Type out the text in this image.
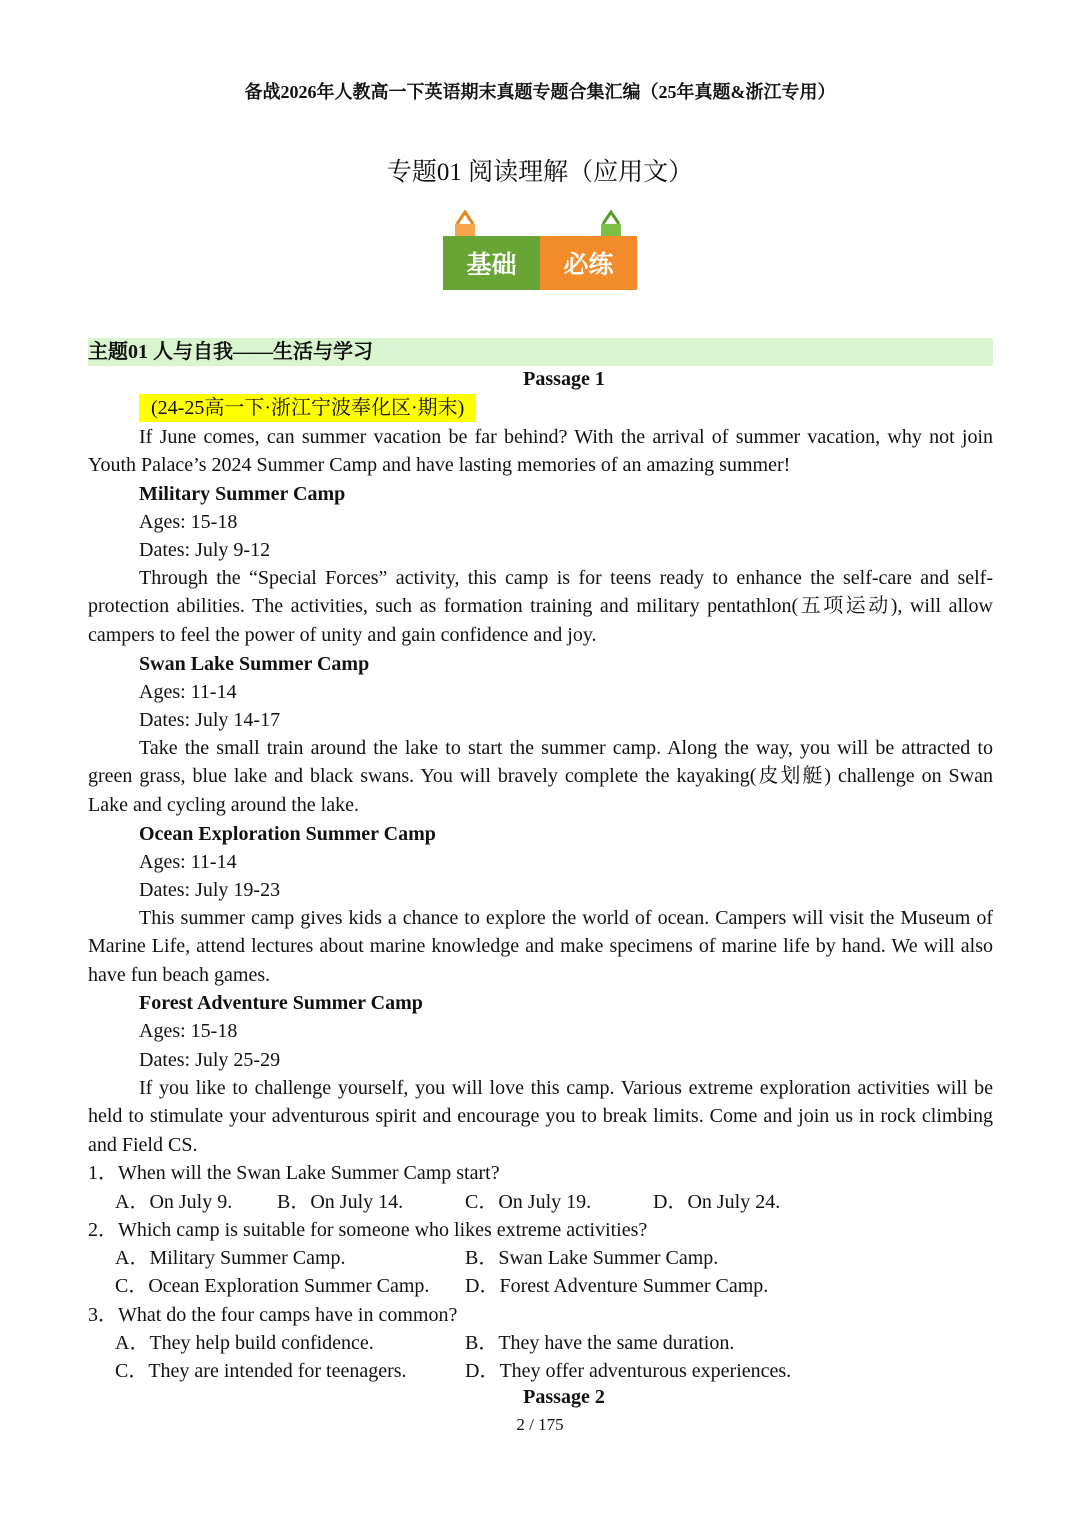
备战2026年人教高一下英语期末真题专题合集汇编（25年真题&浙江专用）
专题01 阅读理解（应用文）
基础	必练
主题01 人与自我——生活与学习
Passage 1
(24-25高一下·浙江宁波奉化区·期末)

If June comes, can summer vacation be far behind? With the arrival of summer vacation, why not join Youth Palace’s 2024 Summer Camp and have lasting memories of an amazing summer!

Military Summer Camp
Ages: 15-18
Dates: July 9-12

Through the “Special Forces” activity, this camp is for teens ready to enhance the self-care and self-protection abilities. The activities, such as formation training and military pentathlon(五项运动), will allow campers to feel the power of unity and gain confidence and joy.

Swan Lake Summer Camp
Ages: 11-14
Dates: July 14-17

Take the small train around the lake to start the summer camp. Along the way, you will be attracted to green grass, blue lake and black swans. You will bravely complete the kayaking(皮划艇) challenge on Swan Lake and cycling around the lake.

Ocean Exploration Summer Camp
Ages: 11-14
Dates: July 19-23

This summer camp gives kids a chance to explore the world of ocean. Campers will visit the Museum of Marine Life, attend lectures about marine knowledge and make specimens of marine life by hand. We will also have fun beach games.

Forest Adventure Summer Camp
Ages: 15-18
Dates: July 25-29

If you like to challenge yourself, you will love this camp. Various extreme exploration activities will be held to stimulate your adventurous spirit and encourage you to break limits. Come and join us in rock climbing and Field CS.

1．When will the Swan Lake Summer Camp start?
A．On July 9. B．On July 14.	C．On July 19.	D．On July 24.
2．Which camp is suitable for someone who likes extreme activities?
A．Military Summer Camp.	B．Swan Lake Summer Camp.
C．Ocean Exploration Summer Camp. D．Forest Adventure Summer Camp.
3．What do the four camps have in common?
A．They help build confidence.	B．They have the same duration.
C．They are intended for teenagers.	D．They offer adventurous experiences.
Passage 2
2 / 175
